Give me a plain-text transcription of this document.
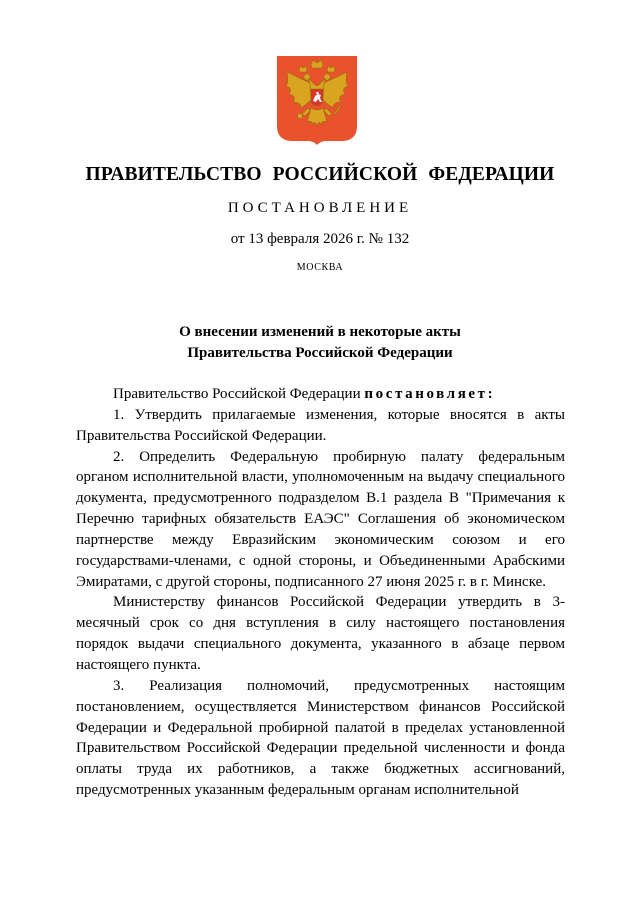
ПРАВИТЕЛЬСТВО РОССИЙСКОЙ ФЕДЕРАЦИИ
ПОСТАНОВЛЕНИЕ
от 13 февраля 2026 г. № 132
МОСКВА
О внесении изменений в некоторые акты
Правительства Российской Федерации

Правительство Российской Федерации постановляет:

1. Утвердить прилагаемые изменения, которые вносятся в акты Правительства Российской Федерации.

2. Определить Федеральную пробирную палату федеральным органом исполнительной власти, уполномоченным на выдачу специального документа, предусмотренного подразделом В.1 раздела В "Примечания к Перечню тарифных обязательств ЕАЭС" Соглашения об экономическом партнерстве между Евразийским экономическим союзом и его государствами-членами, с одной стороны, и Объединенными Арабскими Эмиратами, с другой стороны, подписанного 27 июня 2025 г. в г. Минске.

Министерству финансов Российской Федерации утвердить в 3-месячный срок со дня вступления в силу настоящего постановления порядок выдачи специального документа, указанного в абзаце первом настоящего пункта.

3. Реализация полномочий, предусмотренных настоящим постановлением, осуществляется Министерством финансов Российской Федерации и Федеральной пробирной палатой в пределах установленной Правительством Российской Федерации предельной численности и фонда оплаты труда их работников, а также бюджетных ассигнований, предусмотренных указанным федеральным органам исполнительной
